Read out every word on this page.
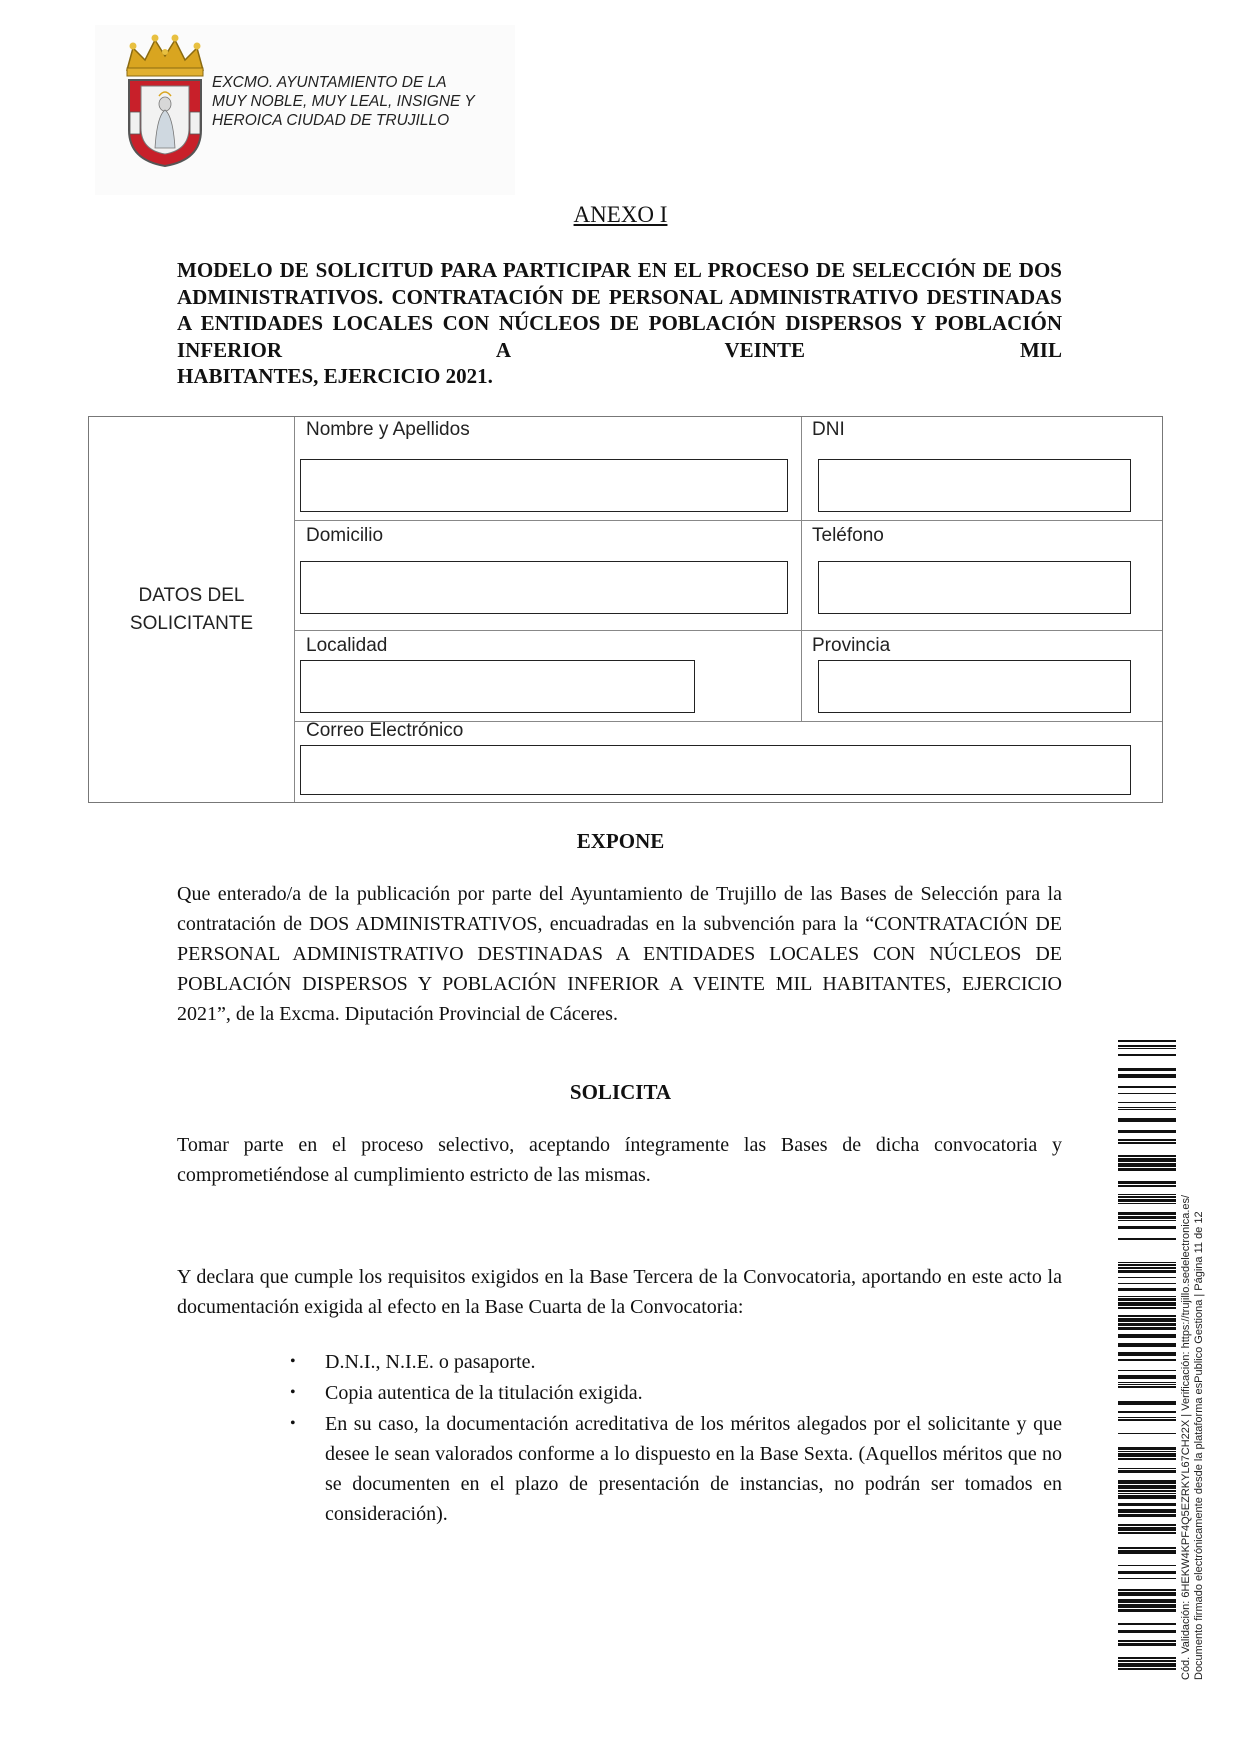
EXCMO. AYUNTAMIENTO DE LA
MUY NOBLE, MUY LEAL, INSIGNE Y
HEROICA CIUDAD DE TRUJILLO
ANEXO I
MODELO DE SOLICITUD PARA PARTICIPAR EN EL PROCESO DE SELECCIÓN DE DOS ADMINISTRATIVOS. CONTRATACIÓN DE PERSONAL ADMINISTRATIVO DESTINADAS A ENTIDADES LOCALES CON NÚCLEOS DE POBLACIÓN DISPERSOS Y POBLACIÓN INFERIOR A VEINTE MIL
HABITANTES, EJERCICIO 2021.
DATOS DEL
SOLICITANTE
Nombre y Apellidos	DNI
Domicilio	Teléfono
Localidad	Provincia
Correo Electrónico
EXPONE
Que enterado/a de la publicación por parte del Ayuntamiento de Trujillo de las Bases de Selección para la contratación de DOS ADMINISTRATIVOS, encuadradas en la subvención para la “CONTRATACIÓN DE PERSONAL ADMINISTRATIVO DESTINADAS A ENTIDADES LOCALES CON NÚCLEOS DE POBLACIÓN DISPERSOS Y POBLACIÓN INFERIOR A VEINTE MIL HABITANTES, EJERCICIO 2021”, de la Excma. Diputación Provincial de Cáceres.
SOLICITA
Tomar parte en el proceso selectivo, aceptando íntegramente las Bases de dicha convocatoria y comprometiéndose al cumplimiento estricto de las mismas.
Y declara que cumple los requisitos exigidos en la Base Tercera de la Convocatoria, aportando en este acto la documentación exigida al efecto en la Base Cuarta de la Convocatoria:
• D.N.I., N.I.E. o pasaporte.
• Copia autentica de la titulación exigida.
• En su caso, la documentación acreditativa de los méritos alegados por el solicitante y que desee le sean valorados conforme a lo dispuesto en la Base Sexta. (Aquellos méritos que no se documenten en el plazo de presentación de instancias, no podrán ser tomados en consideración).	Cód. Validación: 6HEKW4KPF4Q5EZRKYL67CH22X | Verificación: https://trujillo.sedelectronica.es/ Documento firmado electrónicamente desde la plataforma esPublico Gestiona | Página 11 de 12
